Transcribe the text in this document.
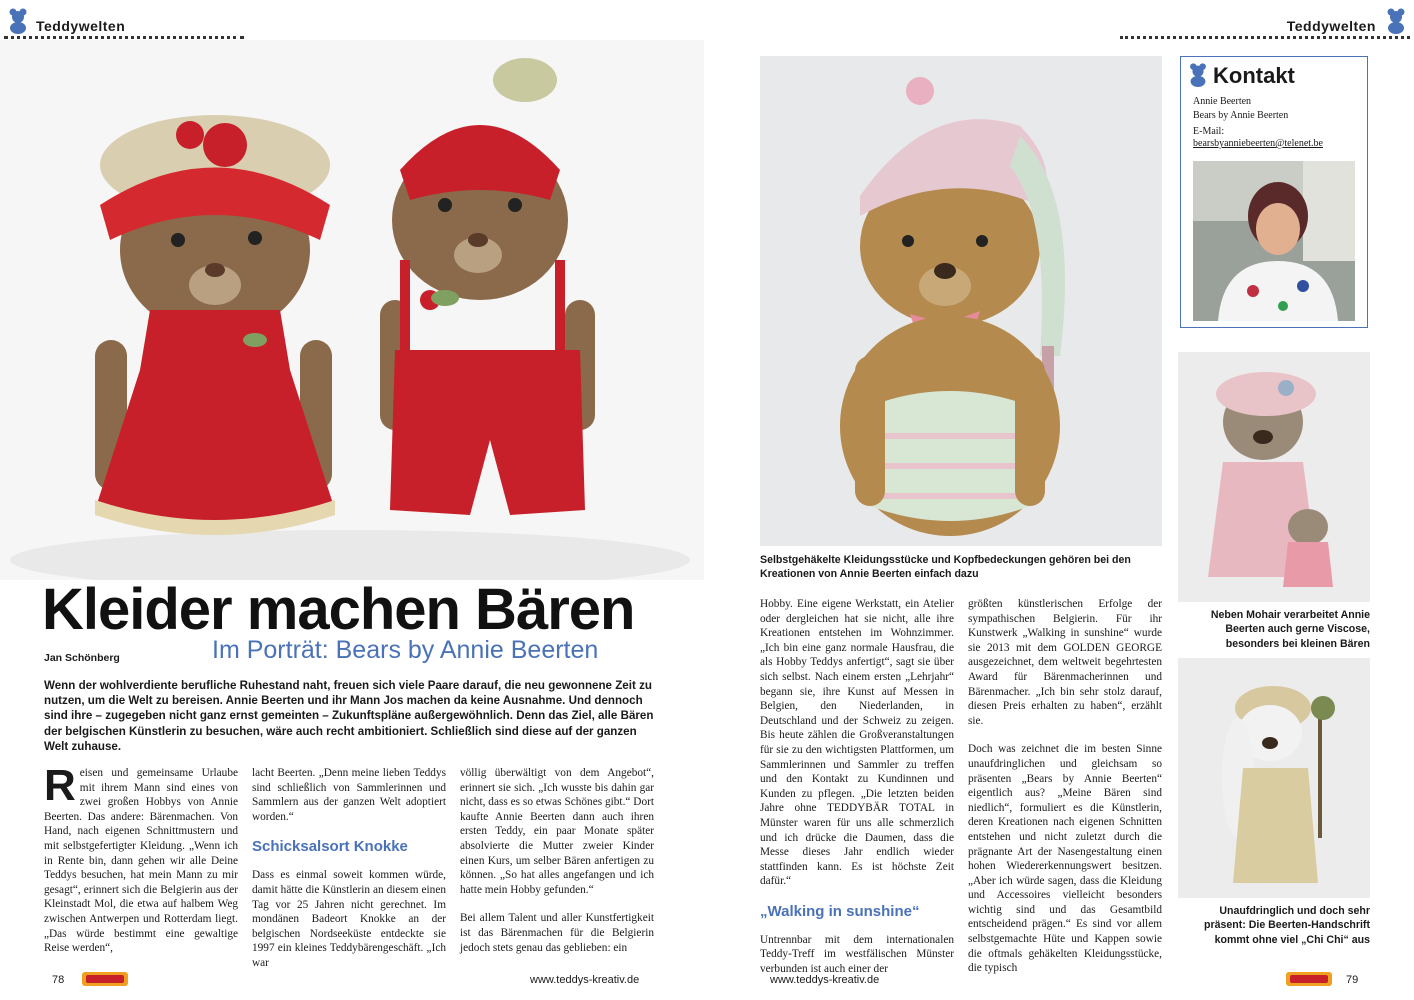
Teddywelten	Teddywelten
Kleider machen Bären
Jan Schönberg	Im Porträt: Bears by Annie Beerten
Wenn der wohlverdiente berufliche Ruhestand naht, freuen sich viele Paare darauf, die neu gewonnene Zeit zu nutzen, um die Welt zu bereisen. Annie Beerten und ihr Mann Jos machen da keine Ausnahme. Und dennoch sind ihre – zugegeben nicht ganz ernst gemeinten – Zukunftspläne außergewöhnlich. Denn das Ziel, alle Bären der belgischen Künstlerin zu besuchen, wäre auch recht ambitioniert. Schließlich sind diese auf der ganzen Welt zuhause.

Reisen und gemeinsame Urlaube mit ihrem Mann sind eines von zwei großen Hobbys von Annie Beerten. Das andere: Bärenmachen. Von Hand, nach eigenen Schnittmustern und mit selbstgefertigter Kleidung. „Wenn ich in Rente bin, dann gehen wir alle Deine Teddys besuchen, hat mein Mann zu mir gesagt“, erinnert sich die Belgierin aus der Kleinstadt Mol, die etwa auf halbem Weg zwischen Antwerpen und Rotterdam liegt. „Das würde bestimmt eine gewaltige Reise werden“,

lacht Beerten. „Denn meine lieben Teddys sind schließlich von Sammlerinnen und Sammlern aus der ganzen Welt adoptiert worden.“

Schicksalsort Knokke

Dass es einmal soweit kommen würde, damit hätte die Künstlerin an diesem einen Tag vor 25 Jahren nicht gerechnet. Im mondänen Badeort Knokke an der belgischen Nordseeküste entdeckte sie 1997 ein kleines Teddybärengeschäft. „Ich war

völlig überwältigt von dem Angebot“, erinnert sie sich. „Ich wusste bis dahin gar nicht, dass es so etwas Schönes gibt.“ Dort kaufte Annie Beerten dann auch ihren ersten Teddy, ein paar Monate später absolvierte die Mutter zweier Kinder einen Kurs, um selber Bären anfertigen zu können. „So hat alles angefangen und ich hatte mein Hobby gefunden.“

Bei allem Talent und aller Kunstfertigkeit ist das Bärenmachen für die Belgierin jedoch stets genau das geblieben: ein

Selbstgehäkelte Kleidungsstücke und Kopfbedeckungen gehören bei den Kreationen von Annie Beerten einfach dazu

Hobby. Eine eigene Werkstatt, ein Atelier oder dergleichen hat sie nicht, alle ihre Kreationen entstehen im Wohnzimmer. „Ich bin eine ganz normale Hausfrau, die als Hobby Teddys anfertigt“, sagt sie über sich selbst. Nach einem ersten „Lehrjahr“ begann sie, ihre Kunst auf Messen in Belgien, den Niederlanden, in Deutschland und der Schweiz zu zeigen. Bis heute zählen die Großveranstaltungen für sie zu den wichtigsten Plattformen, um Sammlerinnen und Sammler zu treffen und den Kontakt zu Kundinnen und Kunden zu pflegen. „Die letzten beiden Jahre ohne TEDDYBÄR TOTAL in Münster waren für uns alle schmerzlich und ich drücke die Daumen, dass die Messe dieses Jahr endlich wieder stattfinden kann. Es ist höchste Zeit dafür.“

„Walking in sunshine“

Untrennbar mit dem internationalen Teddy-Treff im westfälischen Münster verbunden ist auch einer der

größten künstlerischen Erfolge der sympathischen Belgierin. Für ihr Kunstwerk „Walking in sunshine“ wurde sie 2013 mit dem GOLDEN GEORGE ausgezeichnet, dem weltweit begehrtesten Award für Bärenmacherinnen und Bärenmacher. „Ich bin sehr stolz darauf, diesen Preis erhalten zu haben“, erzählt sie.

Doch was zeichnet die im besten Sinne unaufdringlichen und gleichsam so präsenten „Bears by Annie Beerten“ eigentlich aus? „Meine Bären sind niedlich“, formuliert es die Künstlerin, deren Kreationen nach eigenen Schnitten entstehen und nicht zuletzt durch die prägnante Art der Nasengestaltung einen hohen Wiedererkennungswert besitzen. „Aber ich würde sagen, dass die Kleidung und Accessoires vielleicht besonders wichtig sind und das Gesamtbild entscheidend prägen.“ Es sind vor allem selbstgemachte Hüte und Kappen sowie die oftmals gehäkelten Kleidungsstücke, die typisch

Kontakt
Annie Beerten
Bears by Annie Beerten
E-Mail:
bearsbyanniebeerten@telenet.be
Neben Mohair verarbeitet Annie Beerten auch gerne Viscose, besonders bei kleinen Bären
Unaufdringlich und doch sehr präsent: Die Beerten-Handschrift kommt ohne viel „Chi Chi“ aus
78	www.teddys-kreativ.de	www.teddys-kreativ.de	79
